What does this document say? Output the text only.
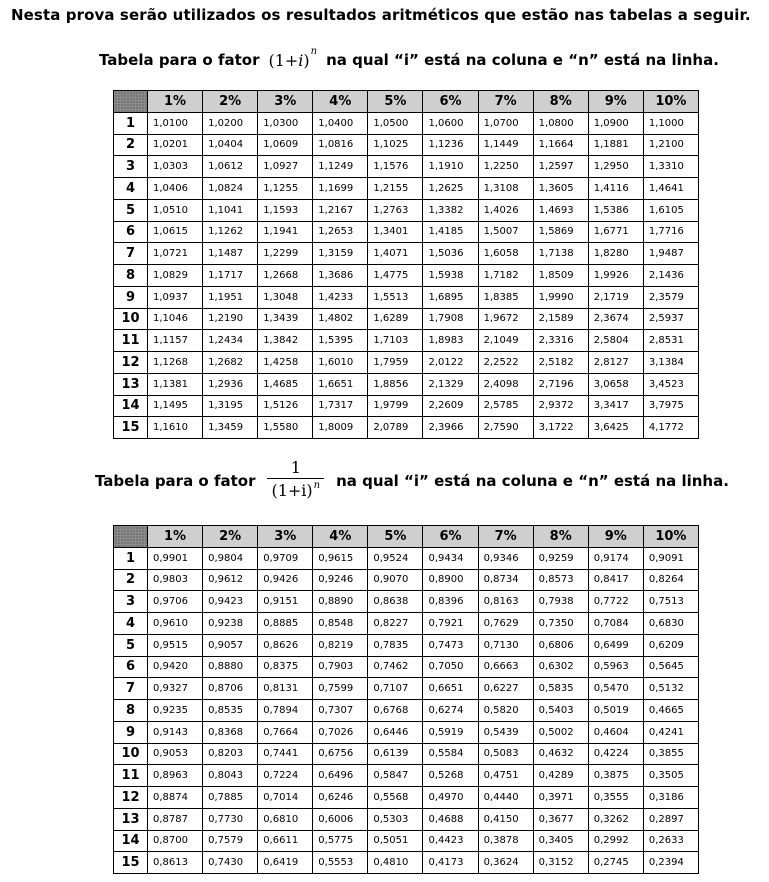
Nesta prova serão utilizados os resultados aritméticos que estão nas tabelas a seguir.
Tabela para o fator (1+ i ) n na qual “i” está na coluna e “n” está na linha.
	1%	2%	3%	4%	5%	6%	7%	8%	9%	10%
1	1,0100	1,0200	1,0300	1,0400	1,0500	1,0600	1,0700	1,0800	1,0900	1,1000
2	1,0201	1,0404	1,0609	1,0816	1,1025	1,1236	1,1449	1,1664	1,1881	1,2100
3	1,0303	1,0612	1,0927	1,1249	1,1576	1,1910	1,2250	1,2597	1,2950	1,3310
4	1,0406	1,0824	1,1255	1,1699	1,2155	1,2625	1,3108	1,3605	1,4116	1,4641
5	1,0510	1,1041	1,1593	1,2167	1,2763	1,3382	1,4026	1,4693	1,5386	1,6105
6	1,0615	1,1262	1,1941	1,2653	1,3401	1,4185	1,5007	1,5869	1,6771	1,7716
7	1,0721	1,1487	1,2299	1,3159	1,4071	1,5036	1,6058	1,7138	1,8280	1,9487
8	1,0829	1,1717	1,2668	1,3686	1,4775	1,5938	1,7182	1,8509	1,9926	2,1436
9	1,0937	1,1951	1,3048	1,4233	1,5513	1,6895	1,8385	1,9990	2,1719	2,3579
10	1,1046	1,2190	1,3439	1,4802	1,6289	1,7908	1,9672	2,1589	2,3674	2,5937
11	1,1157	1,2434	1,3842	1,5395	1,7103	1,8983	2,1049	2,3316	2,5804	2,8531
12	1,1268	1,2682	1,4258	1,6010	1,7959	2,0122	2,2522	2,5182	2,8127	3,1384
13	1,1381	1,2936	1,4685	1,6651	1,8856	2,1329	2,4098	2,7196	3,0658	3,4523
14	1,1495	1,3195	1,5126	1,7317	1,9799	2,2609	2,5785	2,9372	3,3417	3,7975
15	1,1610	1,3459	1,5580	1,8009	2,0789	2,3966	2,7590	3,1722	3,6425	4,1772
Tabela para o fator $\frac{1}{(1+i)^n}$ na qual “i” está na coluna e “n” está na linha.
	1%	2%	3%	4%	5%	6%	7%	8%	9%	10%
1	0,9901	0,9804	0,9709	0,9615	0,9524	0,9434	0,9346	0,9259	0,9174	0,9091
2	0,9803	0,9612	0,9426	0,9246	0,9070	0,8900	0,8734	0,8573	0,8417	0,8264
3	0,9706	0,9423	0,9151	0,8890	0,8638	0,8396	0,8163	0,7938	0,7722	0,7513
4	0,9610	0,9238	0,8885	0,8548	0,8227	0,7921	0,7629	0,7350	0,7084	0,6830
5	0,9515	0,9057	0,8626	0,8219	0,7835	0,7473	0,7130	0,6806	0,6499	0,6209
6	0,9420	0,8880	0,8375	0,7903	0,7462	0,7050	0,6663	0,6302	0,5963	0,5645
7	0,9327	0,8706	0,8131	0,7599	0,7107	0,6651	0,6227	0,5835	0,5470	0,5132
8	0,9235	0,8535	0,7894	0,7307	0,6768	0,6274	0,5820	0,5403	0,5019	0,4665
9	0,9143	0,8368	0,7664	0,7026	0,6446	0,5919	0,5439	0,5002	0,4604	0,4241
10	0,9053	0,8203	0,7441	0,6756	0,6139	0,5584	0,5083	0,4632	0,4224	0,3855
11	0,8963	0,8043	0,7224	0,6496	0,5847	0,5268	0,4751	0,4289	0,3875	0,3505
12	0,8874	0,7885	0,7014	0,6246	0,5568	0,4970	0,4440	0,3971	0,3555	0,3186
13	0,8787	0,7730	0,6810	0,6006	0,5303	0,4688	0,4150	0,3677	0,3262	0,2897
14	0,8700	0,7579	0,6611	0,5775	0,5051	0,4423	0,3878	0,3405	0,2992	0,2633
15	0,8613	0,7430	0,6419	0,5553	0,4810	0,4173	0,3624	0,3152	0,2745	0,2394
